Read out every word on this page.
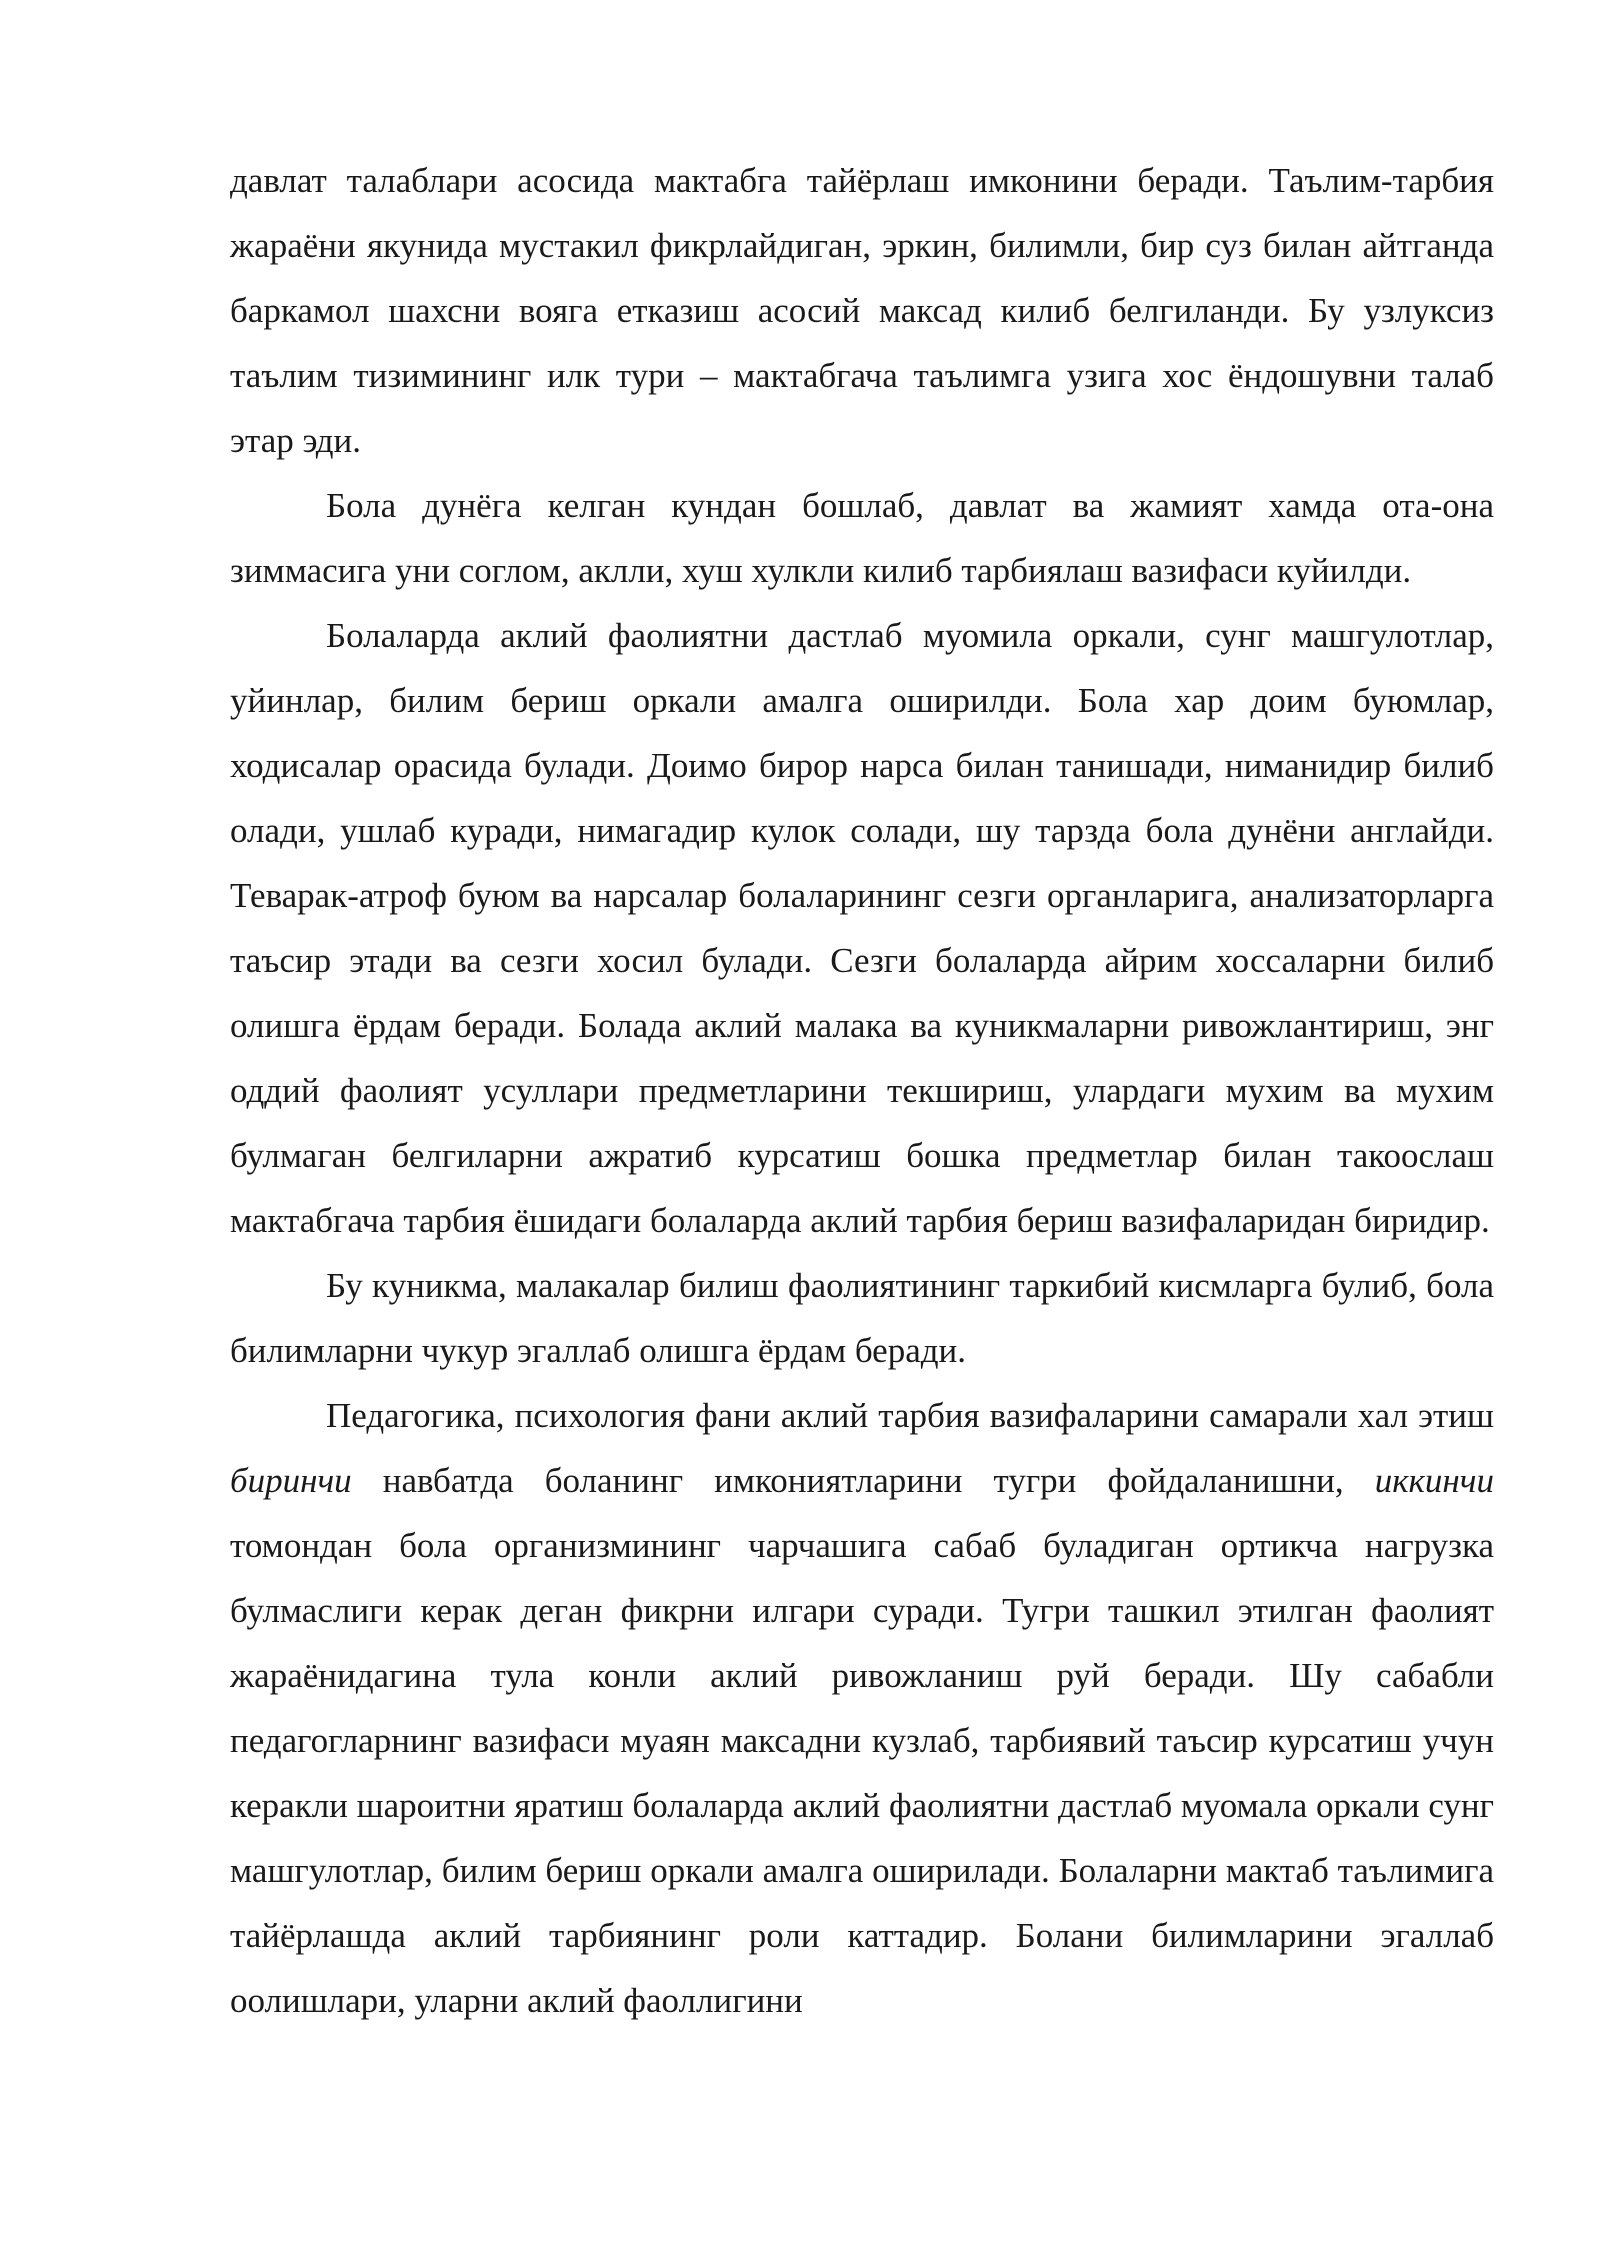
давлат талаблари асосида мактабга тайёрлаш имконини беради. Таълим-тарбия жараёни якунида мустакил фикрлайдиган, эркин, билимли, бир суз билан айтганда баркамол шахсни вояга етказиш асосий максад килиб белгиланди. Бу узлуксиз таълим тизимининг илк тури – мактабгача таълимга узига хос ёндошувни талаб этар эди.

Бола дунёга келган кундан бошлаб, давлат ва жамият хамда ота-она зиммасига уни соглом, аклли, хуш хулкли килиб тарбиялаш вазифаси куйилди.

Болаларда аклий фаолиятни дастлаб муомила оркали, сунг машгулотлар, уйинлар, билим бериш оркали амалга оширилди. Бола хар доим буюмлар, ходисалар орасида булади. Доимо бирор нарса билан танишади, ниманидир билиб олади, ушлаб куради, нимагадир кулок солади, шу тарзда бола дунёни англайди. Теварак-атроф буюм ва нарсалар болаларининг сезги органларига, анализаторларга таъсир этади ва сезги хосил булади. Сезги болаларда айрим хоссаларни билиб олишга ёрдам беради. Болада аклий малака ва куникмаларни ривожлантириш, энг оддий фаолият усуллари предметларини текшириш, улардаги мухим ва мухим булмаган белгиларни ажратиб курсатиш бошка предметлар билан такооcлаш мактабгача тарбия ёшидаги болаларда аклий тарбия бериш вазифаларидан биридир.

Бу куникма, малакалар билиш фаолиятининг таркибий кисмларга булиб, бола билимларни чукур эгаллаб олишга ёрдам беради.

Педагогика, психология фани аклий тарбия вазифаларини самарали хал этиш биринчи навбатда боланинг имкониятларини тугри фойдаланишни, иккинчи томондан бола организмининг чарчашига сабаб буладиган ортикча нагрузка булмаслиги керак деган фикрни илгари суради. Тугри ташкил этилган фаолият жараёнидагина тула конли аклий ривожланиш руй беради. Шу сабабли педагогларнинг вазифаси муаян максадни кузлаб, тарбиявий таъсир курсатиш учун керакли шароитни яратиш болаларда аклий фаолиятни дастлаб муомала оркали сунг машгулотлар, билим бериш оркали амалга оширилади. Болаларни мактаб таълимига тайёрлашда аклий тарбиянинг роли каттадир. Болани билимларини эгаллаб оолишлари, уларни аклий фаоллигини
